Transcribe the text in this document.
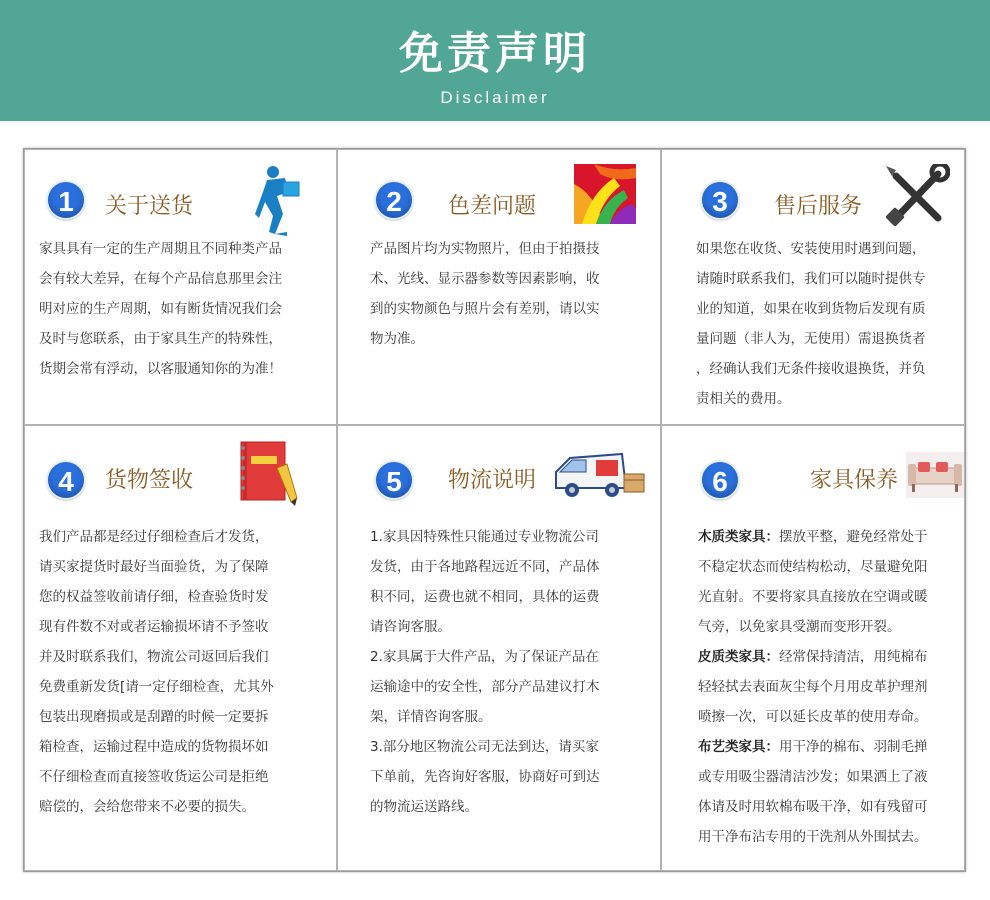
免责声明
Disclaimer
1	关于送货

家具具有一定的生产周期且不同种类产品

会有较大差异，在每个产品信息那里会注

明对应的生产周期，如有断货情况我们会

及时与您联系，由于家具生产的特殊性，

货期会常有浮动，以客服通知你的为准！

2	色差问题

产品图片均为实物照片，但由于拍摄技

术、光线、显示器参数等因素影响，收

到的实物颜色与照片会有差别，请以实

物为准。

3	售后服务

如果您在收货、安装使用时遇到问题，

请随时联系我们，我们可以随时提供专

业的知道，如果在收到货物后发现有质

量问题（非人为，无使用）需退换货者

，经确认我们无条件接收退换货，并负

责相关的费用。

4	货物签收

我们产品都是经过仔细检查后才发货，

请买家提货时最好当面验货，为了保障

您的权益签收前请仔细，检查验货时发

现有件数不对或者运输损坏请不予签收

并及时联系我们，物流公司返回后我们

免费重新发货[请一定仔细检查，尤其外

包装出现磨损或是刮蹭的时候一定要拆

箱检查，运输过程中造成的货物损坏如

不仔细检查而直接签收货运公司是拒绝

赔偿的，会给您带来不必要的损失。

5	物流说明

1.家具因特殊性只能通过专业物流公司

发货，由于各地路程远近不同，产品体

积不同，运费也就不相同，具体的运费

请咨询客服。

2.家具属于大件产品，为了保证产品在

运输途中的安全性，部分产品建议打木

架，详情咨询客服。

3.部分地区物流公司无法到达，请买家

下单前，先咨询好客服，协商好可到达

的物流运送路线。

6	家具保养

木质类家具：摆放平整，避免经常处于

不稳定状态而使结构松动，尽量避免阳

光直射。不要将家具直接放在空调或暖

气旁，以免家具受潮而变形开裂。

皮质类家具：经常保持清洁，用纯棉布

轻轻拭去表面灰尘每个月用皮革护理剂

喷擦一次，可以延长皮革的使用寿命。

布艺类家具：用干净的棉布、羽制毛掸

或专用吸尘器清洁沙发；如果洒上了液

体请及时用软棉布吸干净，如有残留可

用干净布沾专用的干洗剂从外围拭去。
